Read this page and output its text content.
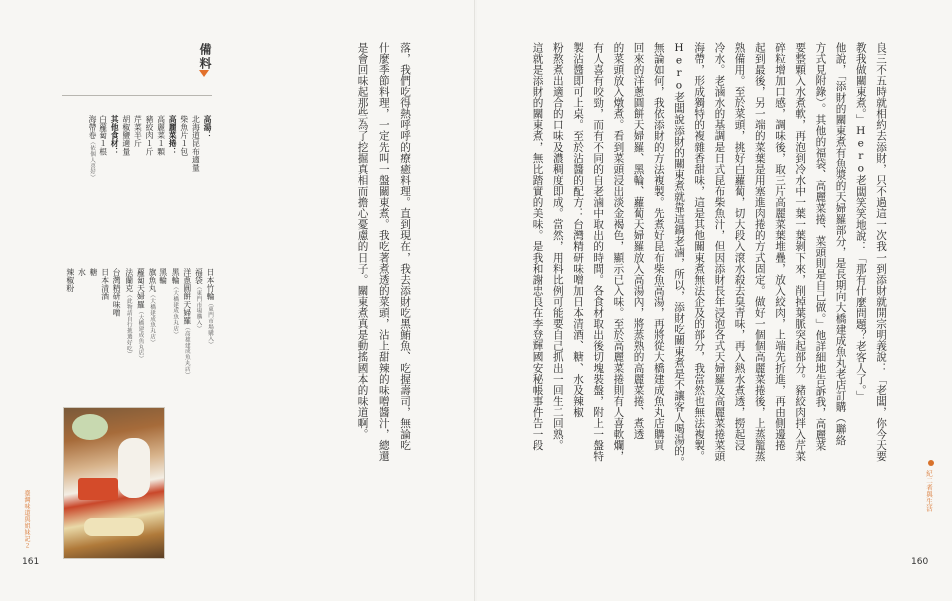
備料
高湯：
北海道昆布適量
柴魚片１包
高麗菜捲：
高麗菜１顆
豬絞肉１斤
芹菜半斤
胡椒鹽適量
其他食材：
白蘿蔔１根
海帶卷（依個人喜好）
日本竹輪（東門市場購入）
福袋（東門市場購入）
洋蔥圓餅天婦羅（高雄建成魚丸店）
黑輪（大橋建成魚丸店）
黑輪
旗魚丸（大橋建成魚丸店）
蘿蔔天婦羅（大橋建成魚丸店）
法蘭克（此物請自行挑選好吃）
台灣精研味噌
日本清酒
糖
水
辣椒粉
臺灣味道與姐妹記２
161
落，我們吃得熱呼呼的療癒料理。直到現在，我去添財吃黑鮪魚、吃握壽司，無論吃
什麼季節料理，一定先叫一盤關東煮。我吃著煮透的菜頭，沾上甜辣的味噌醬汁，總還
是會回味起那些為了挖掘真相而擔心憂慮的日子。關東煮真是動搖國本的味道啊。	良三不五時就相約去添財，只不過這一次我一到添財就開宗明義說：「老闆，你今天要
教我做關東煮。」Hero老闆笑笑地說：「那有什麼問題？老客人了。」
他說，「添財的關東煮有魚漿的天婦羅部分，是長期向大橋建成魚丸老店訂購（聯絡
方式見附錄）。其他的福袋、高麗菜捲、菜頭則是自己做。」他詳細地告訴我，高麗菜
要整顆入水煮軟，再泡到冷水中一葉一葉剝下來，削掉葉脈突起部分。豬絞肉拌入芹菜
碎粒增加口感，調味後，取三片高麗菜葉堆疊，放入絞肉，上端先折進，再由側邊捲
起到最後，另一端的菜葉是用塞進肉捲的方式固定。做好一個個高麗菜捲後，上蒸籠蒸
熟備用。至於菜頭，挑好白蘿蔔，切大段入滾水殺去臭青味，再入熱水煮透，撈起浸
冷水。老滷水的基調是日式昆布柴魚汁，但因添財長年浸泡各式天婦羅及高麗菜捲菜頭
海帶，形成獨特的複雜香甜味，這是其他關東煮無法企及的部分，我當然也無法複製。
Hero老闆說添財的關東煮就靠這鍋老滷，所以，添財吃關東煮是不讓客人喝湯的。
無論如何，我依添財的方法複製。先煮好昆布柴魚高湯，再將從大橋建成魚丸店購買
回來的洋蔥圓餅天婦羅、黑輪、蘿蔔天婦羅放入高湯內，將蒸熟的高麗菜捲、煮透
的菜頭放入燉煮。看到菜頭浸出淡金褐色，顯示已入味。至於高麗菜捲則有人喜軟爛，
有人喜有咬勁，而有不同的自老滷中取出的時間。各食材取出後切塊裝盤，附上一盤特
製沾醬即可上桌。至於沾醬的配方：台灣精研味噌加日本清酒、糖、水及辣椒
粉熬煮出適合的口味及濃稠度即成。當然，用料比例可能要自己抓出一回生二回熟。
這就是添財的關東煮，無比踏實的美味。是我和謝忠良在李登輝國安秘帳事件告一段
160
紀二者與生活
